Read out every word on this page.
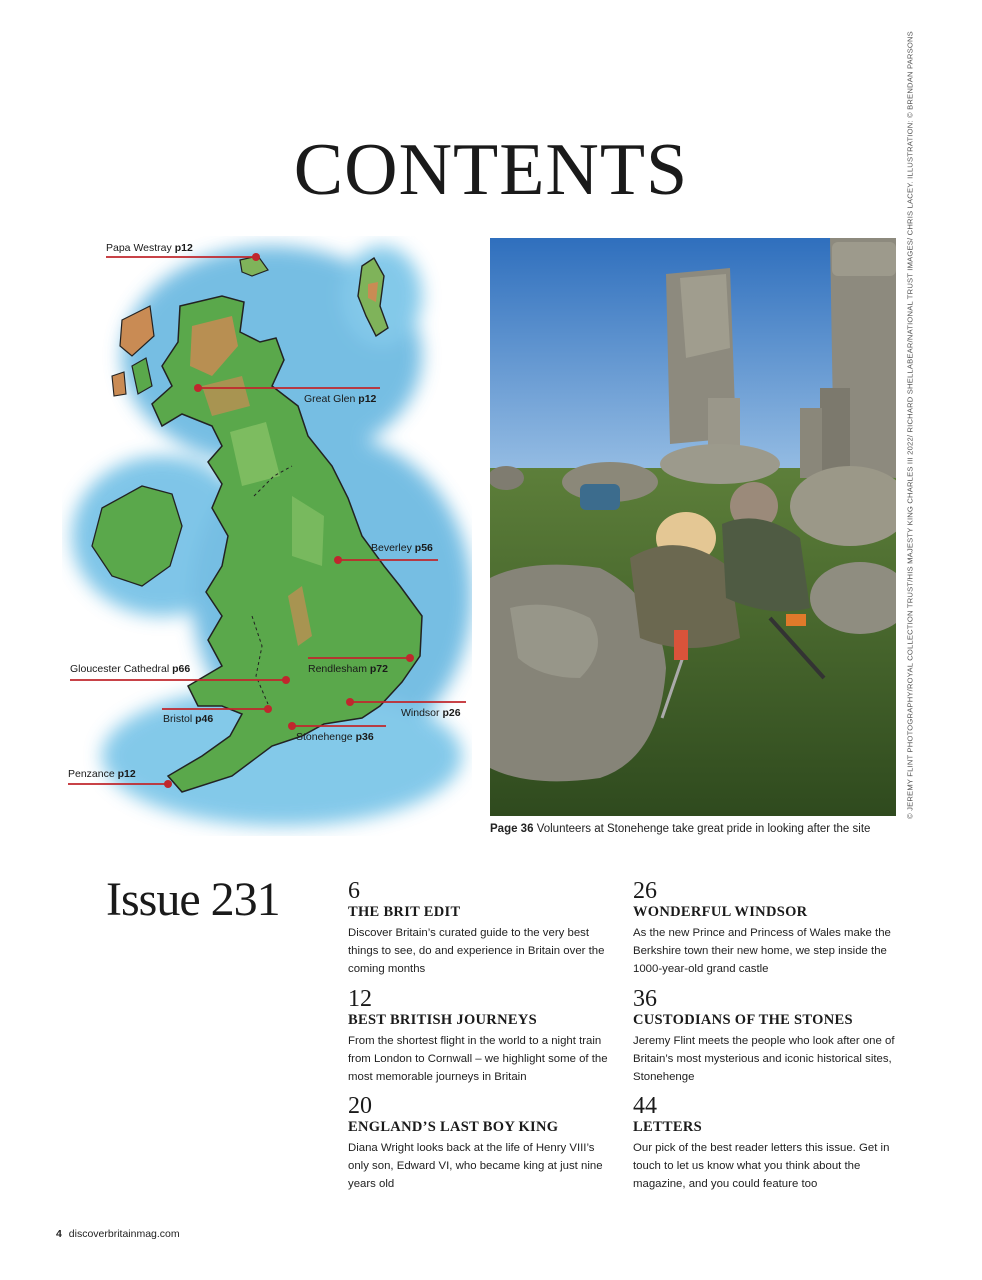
CONTENTS
Papa Westray p12
Great Glen p12
Beverley p56
Gloucester Cathedral p66	Rendlesham p72
Windsor p26
Bristol p46
Stonehenge p36
Penzance p12
Page 36 Volunteers at Stonehenge take great pride in looking after the site
© JEREMY FLINT PHOTOGRAPHY/ROYAL COLLECTION TRUST/HIS MAJESTY KING CHARLES III 2022/ RICHARD SHELLABEAR/NATIONAL TRUST IMAGES/ CHRIS LACEY. ILLUSTRATION: © BRENDAN PARSONS
Issue 231	6
THE BRIT EDIT
Discover Britain’s curated guide to the very best things to see, do and experience in Britain over the coming months
12
BEST BRITISH JOURNEYS
From the shortest flight in the world to a night train from London to Cornwall – we highlight some of the most memorable journeys in Britain
20
ENGLAND’S LAST BOY KING
Diana Wright looks back at the life of Henry VIII’s only son, Edward VI, who became king at just nine years old
26
WONDERFUL WINDSOR
As the new Prince and Princess of Wales make the Berkshire town their new home, we step inside the 1000-year-old grand castle
36
CUSTODIANS OF THE STONES
Jeremy Flint meets the people who look after one of Britain’s most mysterious and iconic historical sites, Stonehenge
44
LETTERS
Our pick of the best reader letters this issue. Get in touch to let us know what you think about the magazine, and you could feature too
4 discoverbritainmag.com
